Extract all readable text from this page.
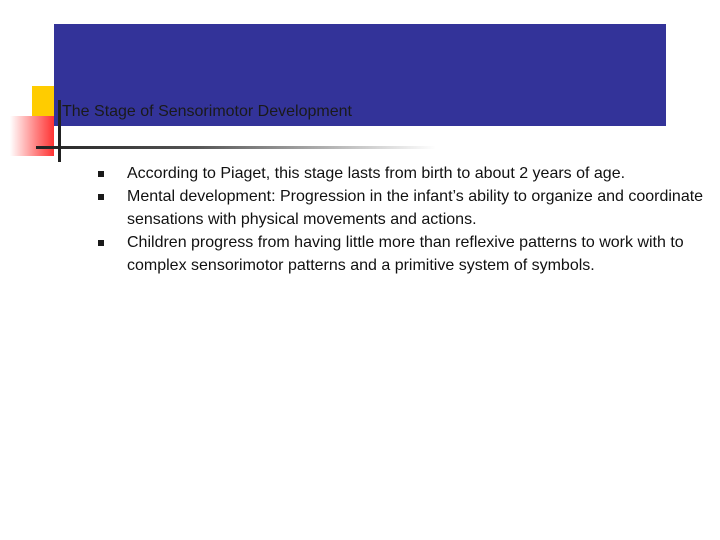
The Stage of Sensorimotor Development
According to Piaget, this stage lasts from birth to about 2 years of age.
Mental development: Progression in the infant’s ability to organize and coordinate sensations with physical movements and actions.
Children progress from having little more than reflexive patterns to work with to complex sensorimotor patterns and a primitive system of symbols.
